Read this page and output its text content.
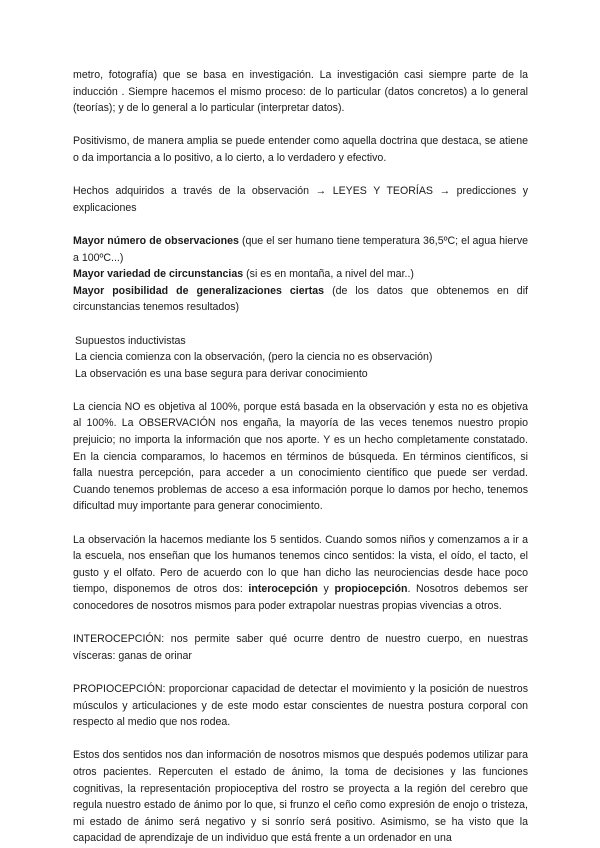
metro, fotografía) que se basa en investigación. La investigación casi siempre parte de la inducción . Siempre hacemos el mismo proceso: de lo particular (datos concretos) a lo general (teorías); y de lo general a lo particular (interpretar datos).

Positivismo, de manera amplia se puede entender como aquella doctrina que destaca, se atiene o da importancia a lo positivo, a lo cierto, a lo verdadero y efectivo.

Hechos adquiridos a través de la observación → LEYES Y TEORÍAS → predicciones y explicaciones

Mayor número de observaciones (que el ser humano tiene temperatura 36,5ºC; el agua hierve a 100ºC...)

Mayor variedad de circunstancias (si es en montaña, a nivel del mar..)

Mayor posibilidad de generalizaciones ciertas (de los datos que obtenemos en dif circunstancias tenemos resultados)

Supuestos inductivistas

La ciencia comienza con la observación, (pero la ciencia no es observación)

La observación es una base segura para derivar conocimiento

La ciencia NO es objetiva al 100%, porque está basada en la observación y esta no es objetiva al 100%. La OBSERVACIÓN nos engaña, la mayoría de las veces tenemos nuestro propio prejuicio; no importa la información que nos aporte. Y es un hecho completamente constatado. En la ciencia comparamos, lo hacemos en términos de búsqueda. En términos científicos, si falla nuestra percepción, para acceder a un conocimiento científico que puede ser verdad. Cuando tenemos problemas de acceso a esa información porque lo damos por hecho, tenemos dificultad muy importante para generar conocimiento.

La observación la hacemos mediante los 5 sentidos. Cuando somos niños y comenzamos a ir a la escuela, nos enseñan que los humanos tenemos cinco sentidos: la vista, el oído, el tacto, el gusto y el olfato. Pero de acuerdo con lo que han dicho las neurociencias desde hace poco tiempo, disponemos de otros dos: interocepción y propiocepción. Nosotros debemos ser conocedores de nosotros mismos para poder extrapolar nuestras propias vivencias a otros.

INTEROCEPCIÓN: nos permite saber qué ocurre dentro de nuestro cuerpo, en nuestras vísceras: ganas de orinar

PROPIOCEPCIÓN: proporcionar capacidad de detectar el movimiento y la posición de nuestros músculos y articulaciones y de este modo estar conscientes de nuestra postura corporal con respecto al medio que nos rodea.

Estos dos sentidos nos dan información de nosotros mismos que después podemos utilizar para otros pacientes. Repercuten el estado de ánimo, la toma de decisiones y las funciones cognitivas, la representación propioceptiva del rostro se proyecta a la región del cerebro que regula nuestro estado de ánimo por lo que, si frunzo el ceño como expresión de enojo o tristeza, mi estado de ánimo será negativo y si sonrío será positivo. Asimismo, se ha visto que la capacidad de aprendizaje de un individuo que está frente a un ordenador en una
